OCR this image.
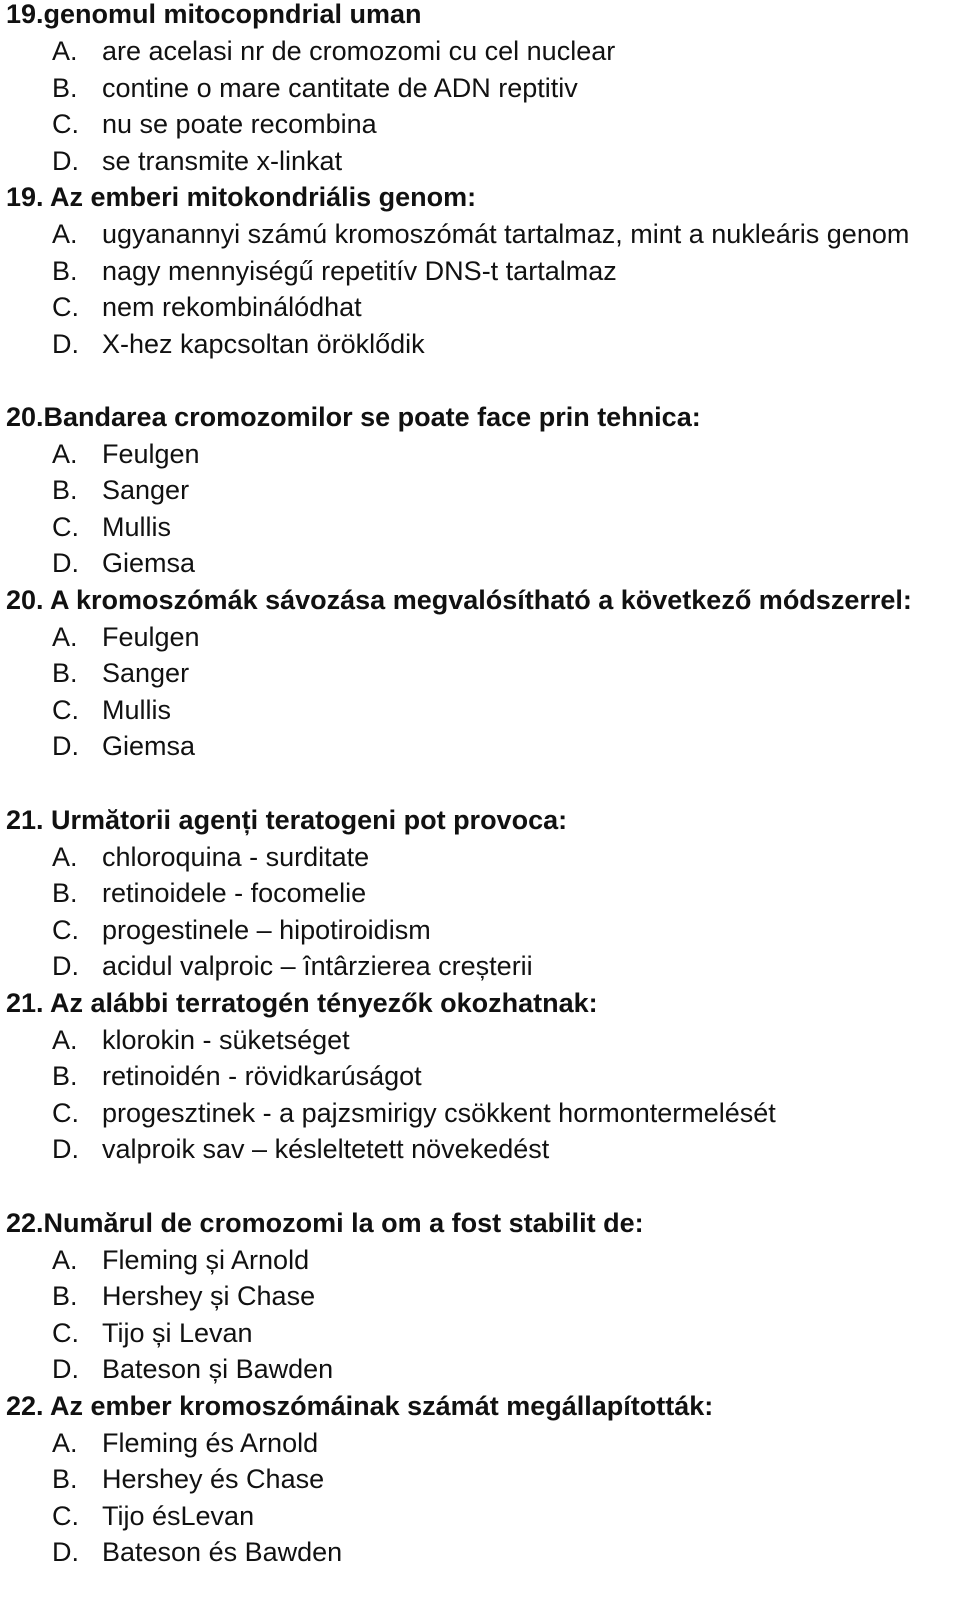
19.genomul mitocopndrial uman
A. are acelasi nr de cromozomi cu cel nuclear
B. contine o mare cantitate de ADN reptitiv
C. nu se poate recombina
D. se transmite x-linkat
19. Az emberi mitokondriális genom:
A. ugyanannyi számú kromoszómát tartalmaz, mint a nukleáris genom
B. nagy mennyiségű repetitív DNS-t tartalmaz
C. nem rekombinálódhat
D. X-hez kapcsoltan öröklődik
20.Bandarea cromozomilor se poate face prin tehnica:
A. Feulgen
B. Sanger
C. Mullis
D. Giemsa
20. A kromoszómák sávozása megvalósítható a következő módszerrel:
A. Feulgen
B. Sanger
C. Mullis
D. Giemsa
21. Următorii agenți teratogeni pot provoca:
A. chloroquina - surditate
B. retinoidele - focomelie
C. progestinele – hipotiroidism
D. acidul valproic – întârzierea creșterii
21. Az alábbi terratogén tényezők okozhatnak:
A. klorokin - süketséget
B. retinoidén - rövidkarúságot
C. progesztinek - a pajzsmirigy csökkent hormontermelését
D. valproik sav – késleltetett növekedést
22.Numărul de cromozomi la om a fost stabilit de:
A. Fleming și Arnold
B. Hershey și Chase
C. Tijo și Levan
D. Bateson și Bawden
22. Az ember kromoszómáinak számát megállapították:
A. Fleming és Arnold
B. Hershey és Chase
C. Tijo ésLevan
D. Bateson és Bawden
